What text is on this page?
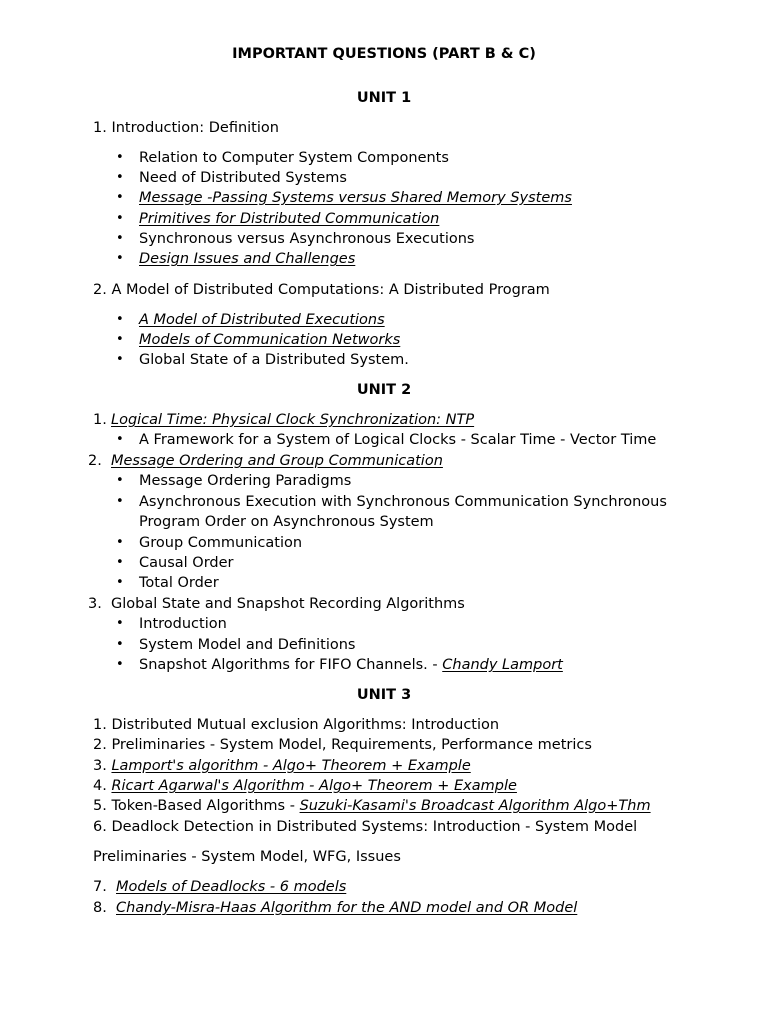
IMPORTANT QUESTIONS (PART B & C)
UNIT 1
1. Introduction: Definition
• Relation to Computer System Components
• Need of Distributed Systems
• Message -Passing Systems versus Shared Memory Systems
• Primitives for Distributed Communication
• Synchronous versus Asynchronous Executions
• Design Issues and Challenges
2. A Model of Distributed Computations: A Distributed Program
• A Model of Distributed Executions
• Models of Communication Networks
• Global State of a Distributed System.
UNIT 2
1. Logical Time: Physical Clock Synchronization: NTP
• A Framework for a System of Logical Clocks - Scalar Time - Vector Time
2. Message Ordering and Group Communication
• Message Ordering Paradigms
• Asynchronous Execution with Synchronous Communication Synchronous
Program Order on Asynchronous System
• Group Communication
• Causal Order
• Total Order
3. Global State and Snapshot Recording Algorithms
• Introduction
• System Model and Definitions
• Snapshot Algorithms for FIFO Channels. - Chandy Lamport
UNIT 3
1. Distributed Mutual exclusion Algorithms: Introduction
2. Preliminaries - System Model, Requirements, Performance metrics
3. Lamport's algorithm - Algo+ Theorem + Example
4. Ricart Agarwal's Algorithm - Algo+ Theorem + Example
5. Token-Based Algorithms - Suzuki-Kasami's Broadcast Algorithm Algo+Thm
6. Deadlock Detection in Distributed Systems: Introduction - System Model
Preliminaries - System Model, WFG, Issues
7. Models of Deadlocks - 6 models
8. Chandy-Misra-Haas Algorithm for the AND model and OR Model
